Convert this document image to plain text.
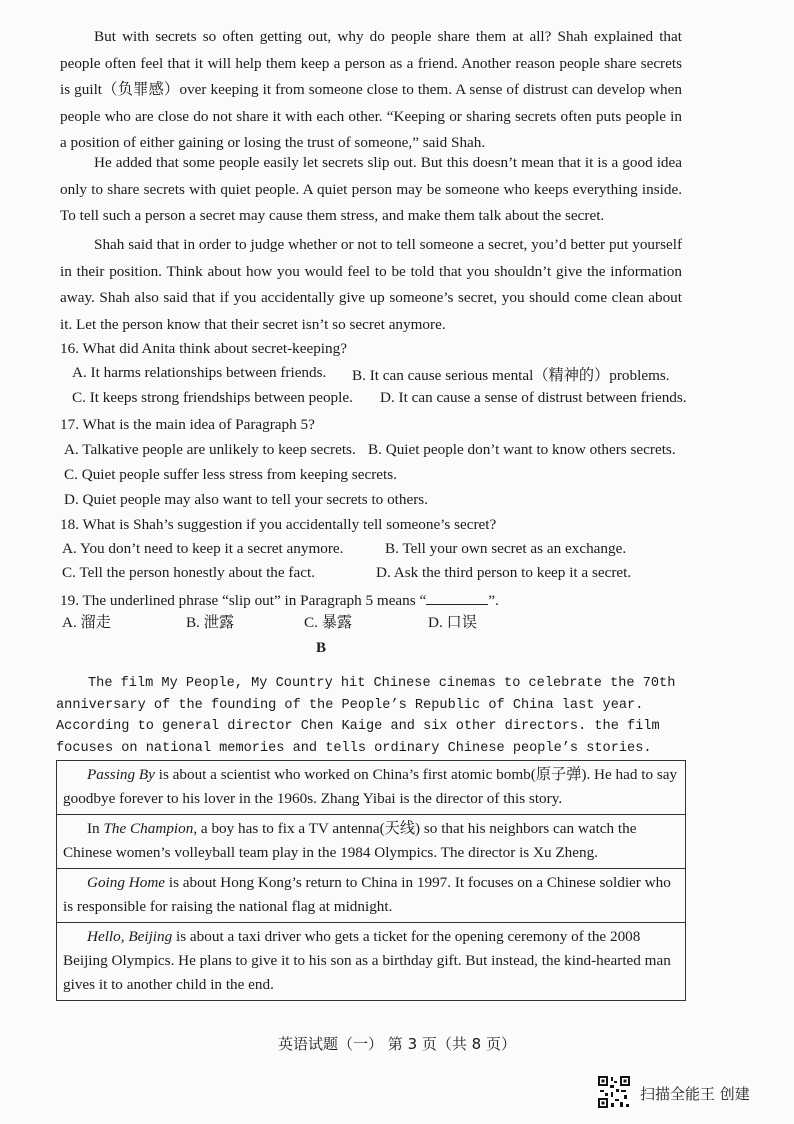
But with secrets so often getting out, why do people share them at all? Shah explained that people often feel that it will help them keep a person as a friend. Another reason people share secrets is guilt（负罪感）over keeping it from someone close to them. A sense of distrust can develop when people who are close do not share it with each other. “Keeping or sharing secrets often puts people in a position of either gaining or losing the trust of someone,” said Shah.

He added that some people easily let secrets slip out. But this doesn’t mean that it is a good idea only to share secrets with quiet people. A quiet person may be someone who keeps everything inside. To tell such a person a secret may cause them stress, and make them talk about the secret.

Shah said that in order to judge whether or not to tell someone a secret, you’d better put yourself in their position. Think about how you would feel to be told that you shouldn’t give the information away. Shah also said that if you accidentally give up someone’s secret, you should come clean about it. Let the person know that their secret isn’t so secret anymore.

16. What did Anita think about secret-keeping?

A. It harms relationships between friends. B. It can cause serious mental（精神的）problems.

C. It keeps strong friendships between people. D. It can cause a sense of distrust between friends.

17. What is the main idea of Paragraph 5?

A. Talkative people are unlikely to keep secrets. B. Quiet people don’t want to know others secrets.

C. Quiet people suffer less stress from keeping secrets.

D. Quiet people may also want to tell your secrets to others.

18. What is Shah’s suggestion if you accidentally tell someone’s secret?

A. You don’t need to keep it a secret anymore.	B. Tell your own secret as an exchange.

C. Tell the person honestly about the fact.	D. Ask the third person to keep it a secret.

19. The underlined phrase “slip out” in Paragraph 5 means “	”.

A. 溜走	B. 泄露	C. 暴露	D. 口误

B

The film My People, My Country hit Chinese cinemas to celebrate the 70th anniversary of the founding of the People’s Republic of China last year. According to general director Chen Kaige and six other directors. the film focuses on national memories and tells ordinary Chinese people’s stories.

Passing By is about a scientist who worked on China’s first atomic bomb(原子弹). He had to say goodbye forever to his lover in the 1960s. Zhang Yibai is the director of this story.
In The Champion, a boy has to fix a TV antenna(天线) so that his neighbors can watch the Chinese women’s volleyball team play in the 1984 Olympics. The director is Xu Zheng.
Going Home is about Hong Kong’s return to China in 1997. It focuses on a Chinese soldier who is responsible for raising the national flag at midnight.
Hello, Beijing is about a taxi driver who gets a ticket for the opening ceremony of the 2008 Beijing Olympics. He plans to give it to his son as a birthday gift. But instead, the kind-hearted man gives it to another child in the end.
英语试题（一） 第 3 页（共 8 页）
扫描全能王 创建
